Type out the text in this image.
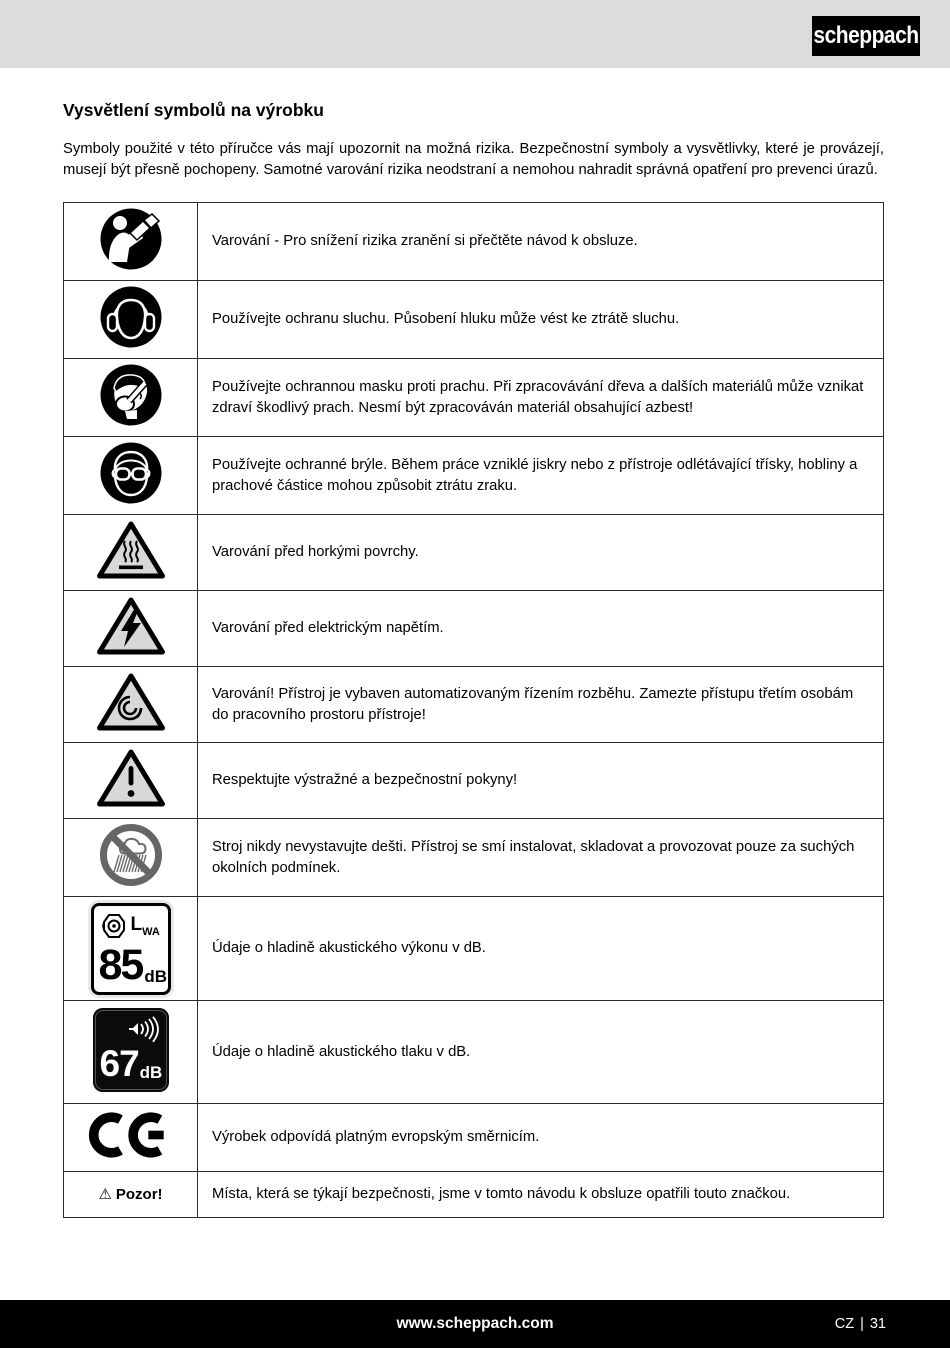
scheppach
Vysvětlení symbolů na výrobku

Symboly použité v této příručce vás mají upozornit na možná rizika. Bezpečnostní symboly a vysvětlivky, které je provázejí, musejí být přesně pochopeny. Samotné varování rizika neodstraní a nemohou nahradit správná opatření pro prevenci úrazů.

	Varování - Pro snížení rizika zranění si přečtěte návod k obsluze.
	Používejte ochranu sluchu. Působení hluku může vést ke ztrátě sluchu.
	Používejte ochrannou masku proti prachu. Při zpracovávání dřeva a dalších materiálů může vznikat zdraví škodlivý prach. Nesmí být zpracováván materiál obsahující azbest!
	Používejte ochranné brýle. Během práce vzniklé jiskry nebo z přístroje odlétávající třísky, hobliny a prachové částice mohou způsobit ztrátu zraku.
	Varování před horkými povrchy.
	Varování před elektrickým napětím.
	Varování! Přístroj je vybaven automatizovaným řízením rozběhu. Zamezte přístupu třetím osobám do pracovního prostoru přístroje!
	Respektujte výstražné a bezpečnostní pokyny!
	Stroj nikdy nevystavujte dešti. Přístroj se smí instalovat, skladovat a provozovat pouze za suchých okolních podmínek.

$L_{WA}$
85 dB	Údaje o hladině akustického výkonu v dB.

67 dB	Údaje o hladině akustického tlaku v dB.
	Výrobek odpovídá platným evropským směrnicím.
⚠ Pozor!	Místa, která se týkají bezpečnosti, jsme v tomto návodu k obsluze opatřili touto značkou.
www.scheppach.com	CZ | 31
